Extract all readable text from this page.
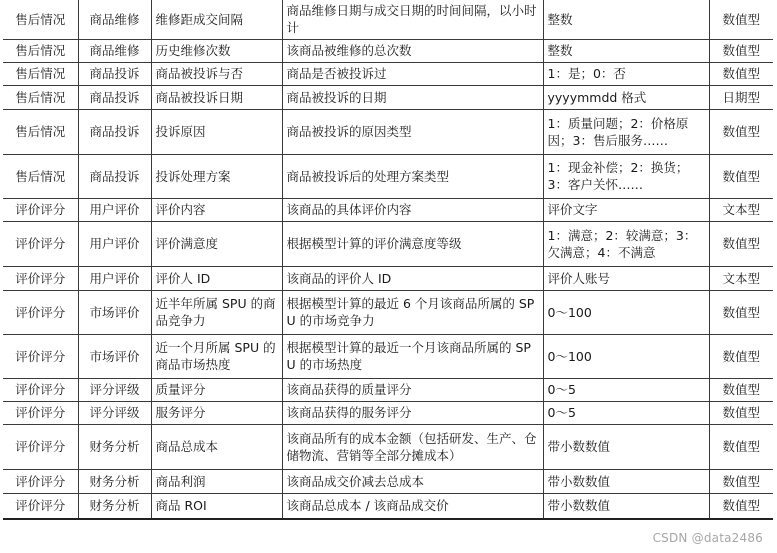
售后情况	商品维修	维修距成交间隔	商品维修日期与成交日期的时间间隔，以小时计	整数	数值型
售后情况	商品维修	历史维修次数	该商品被维修的总次数	整数	数值型
售后情况	商品投诉	商品被投诉与否	商品是否被投诉过	1：是；0：否	数值型
售后情况	商品投诉	商品被投诉日期	商品被投诉的日期	yyyymmdd 格式	日期型
售后情况	商品投诉	投诉原因	商品被投诉的原因类型	1：质量问题；2：价格原因；3：售后服务……	数值型
售后情况	商品投诉	投诉处理方案	商品被投诉后的处理方案类型	1：现金补偿；2：换货；3：客户关怀……	数值型
评价评分	用户评价	评价内容	该商品的具体评价内容	评价文字	文本型
评价评分	用户评价	评价满意度	根据模型计算的评价满意度等级	1：满意；2：较满意；3：欠满意；4：不满意	数值型
评价评分	用户评价	评价人 ID	该商品的评价人 ID	评价人账号	文本型
评价评分	市场评价	近半年所属 SPU 的商品竞争力	根据模型计算的最近 6 个月该商品所属的 SPU 的市场竞争力	0～100	数值型
评价评分	市场评价	近一个月所属 SPU 的商品市场热度	根据模型计算的最近一个月该商品所属的 SPU 的市场热度	0～100	数值型
评价评分	评分评级	质量评分	该商品获得的质量评分	0～5	数值型
评价评分	评分评级	服务评分	该商品获得的服务评分	0～5	数值型
评价评分	财务分析	商品总成本	该商品所有的成本金额（包括研发、生产、仓储物流、营销等全部分摊成本）	带小数数值	数值型
评价评分	财务分析	商品利润	该商品成交价减去总成本	带小数数值	数值型
评价评分	财务分析	商品 ROI	该商品总成本 / 该商品成交价	带小数数值	数值型
CSDN @data2486
